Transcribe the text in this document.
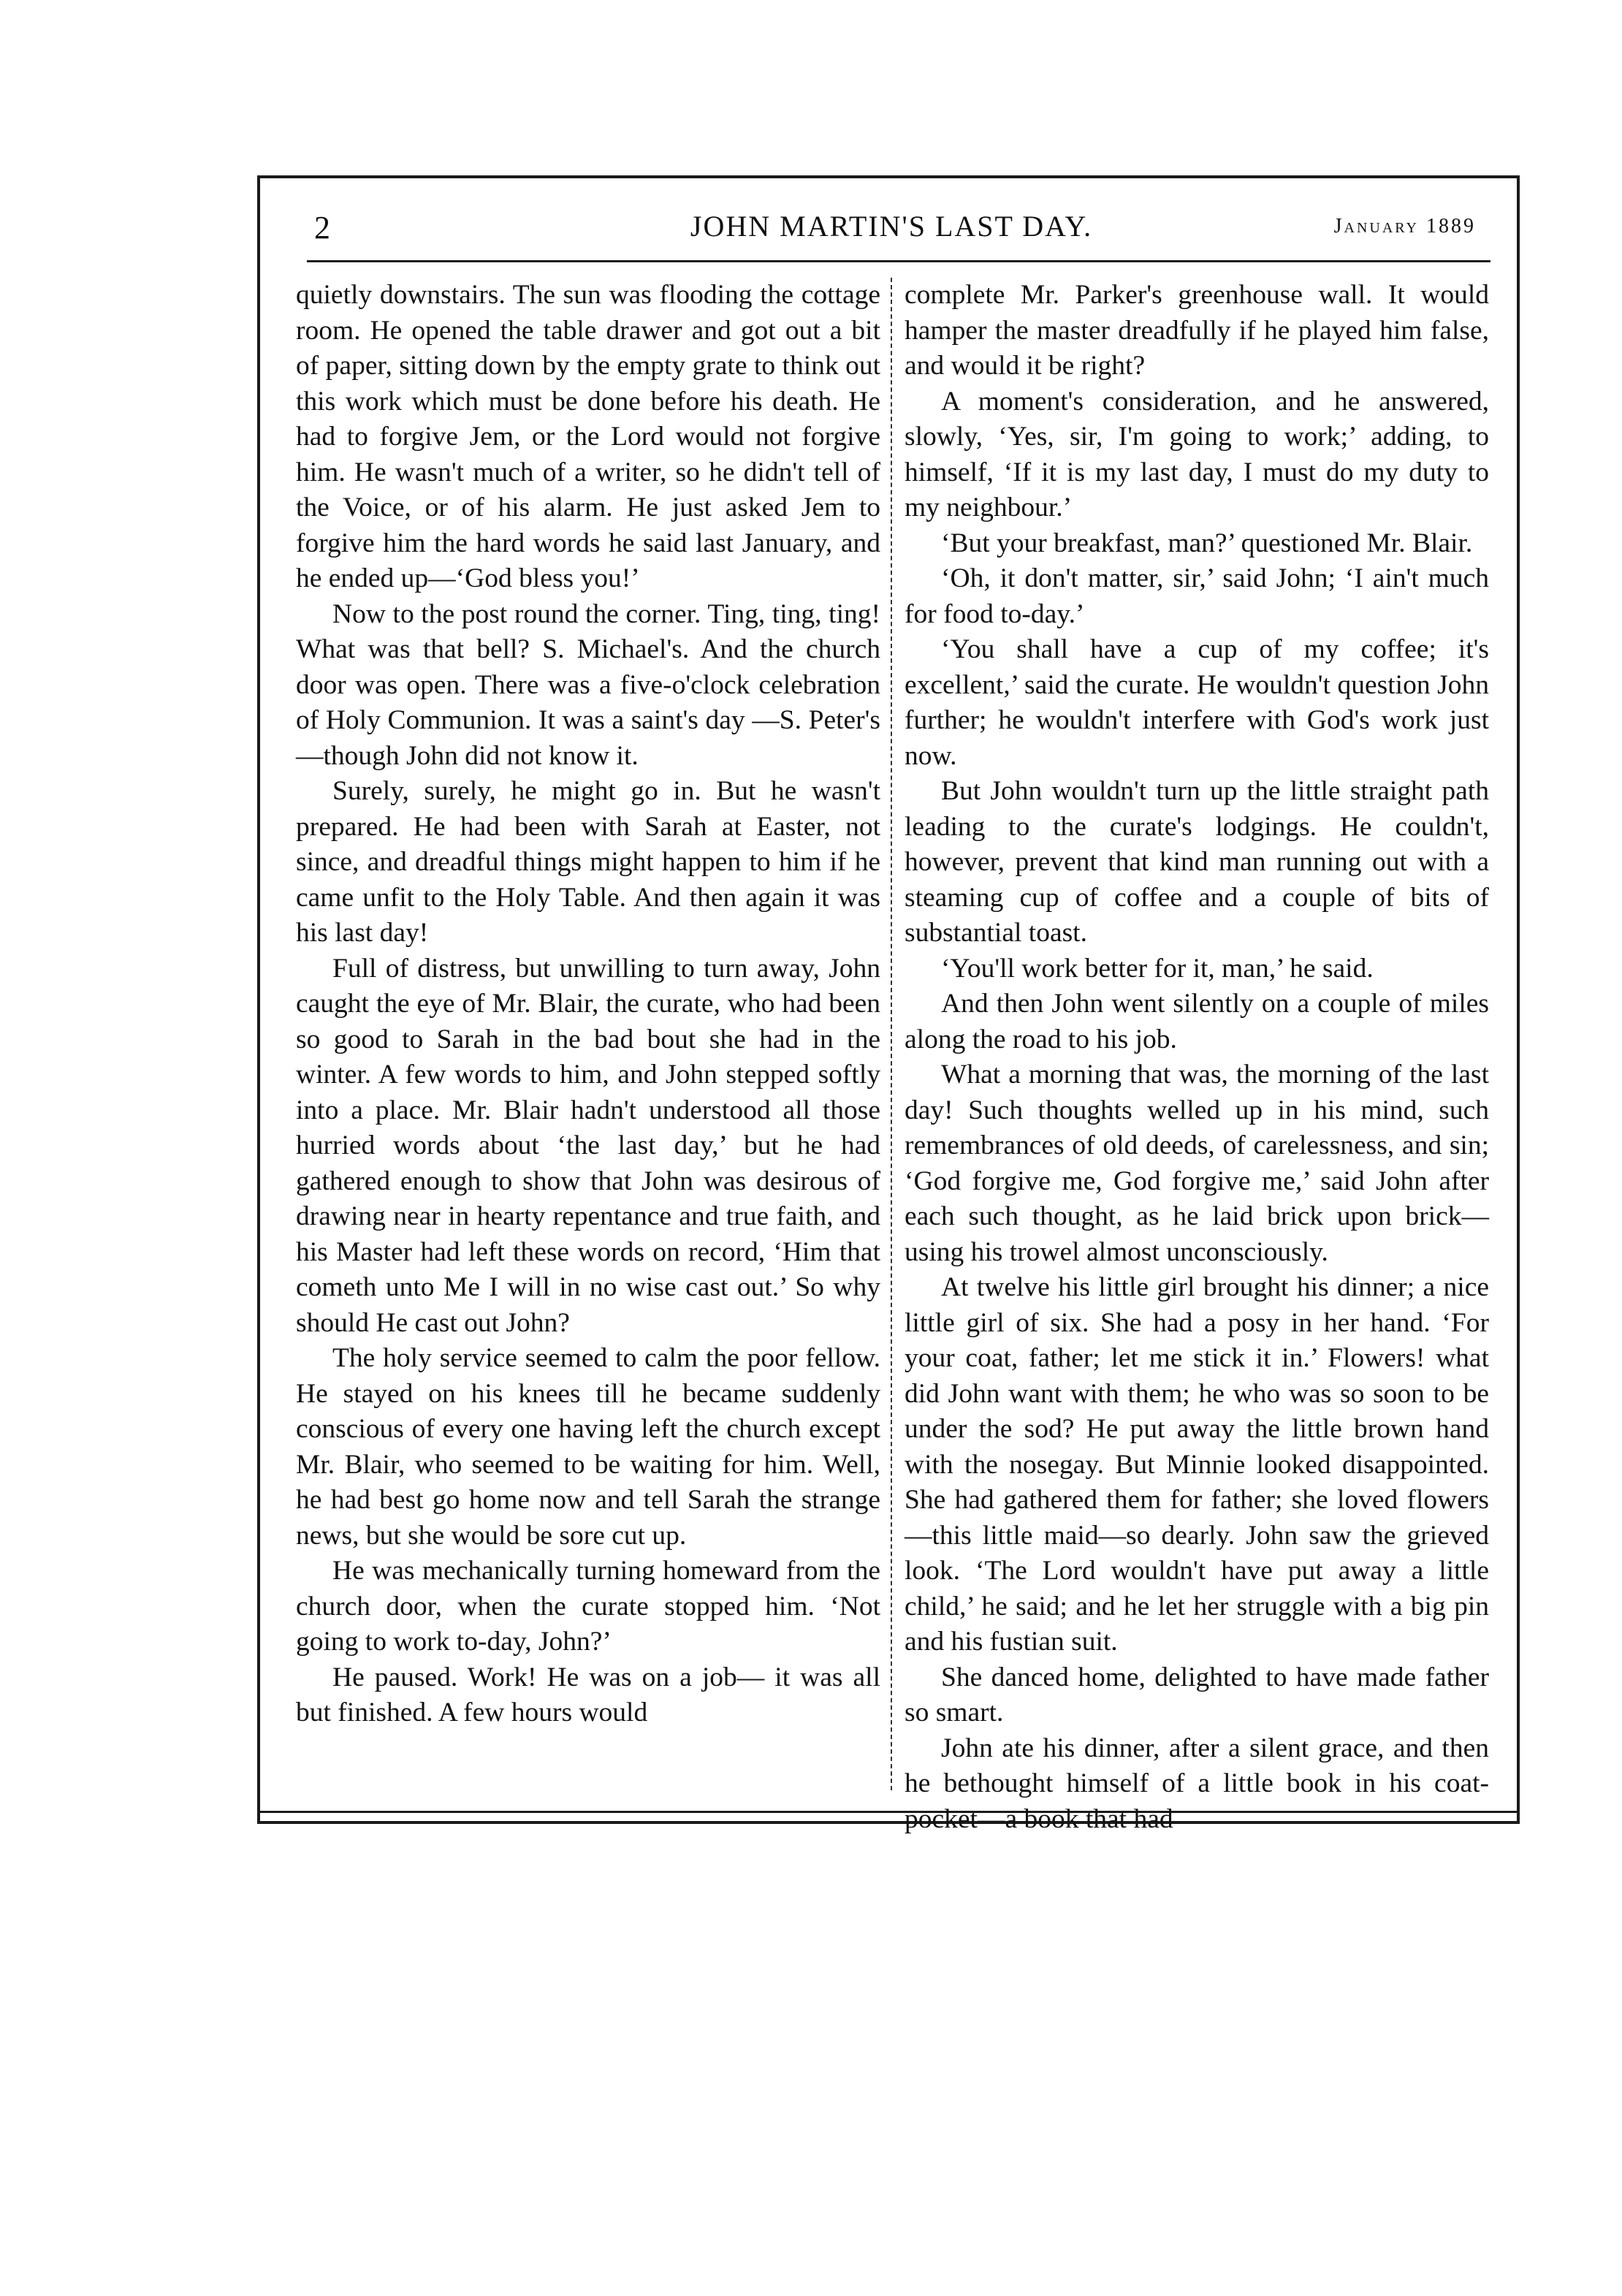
2	JOHN MARTIN'S LAST DAY.	January 1889

quietly downstairs. The sun was flooding the cottage room. He opened the table drawer and got out a bit of paper, sitting down by the empty grate to think out this work which must be done before his death. He had to forgive Jem, or the Lord would not forgive him. He wasn't much of a writer, so he didn't tell of the Voice, or of his alarm. He just asked Jem to forgive him the hard words he said last January, and he ended up—‘God bless you!’

Now to the post round the corner. Ting, ting, ting! What was that bell? S. Michael's. And the church door was open. There was a five-o'clock celebration of Holy Communion. It was a saint's day —S. Peter's—though John did not know it.

Surely, surely, he might go in. But he wasn't prepared. He had been with Sarah at Easter, not since, and dreadful things might happen to him if he came unfit to the Holy Table. And then again it was his last day!

Full of distress, but unwilling to turn away, John caught the eye of Mr. Blair, the curate, who had been so good to Sarah in the bad bout she had in the winter. A few words to him, and John stepped softly into a place. Mr. Blair hadn't understood all those hurried words about ‘the last day,’ but he had gathered enough to show that John was desirous of drawing near in hearty repentance and true faith, and his Master had left these words on record, ‘Him that cometh unto Me I will in no wise cast out.’ So why should He cast out John?

The holy service seemed to calm the poor fellow. He stayed on his knees till he became suddenly conscious of every one having left the church except Mr. Blair, who seemed to be waiting for him. Well, he had best go home now and tell Sarah the strange news, but she would be sore cut up.

He was mechanically turning homeward from the church door, when the curate stopped him. ‘Not going to work to-day, John?’

He paused. Work! He was on a job— it was all but finished. A few hours would

complete Mr. Parker's greenhouse wall. It would hamper the master dreadfully if he played him false, and would it be right?

A moment's consideration, and he answered, slowly, ‘Yes, sir, I'm going to work;’ adding, to himself, ‘If it is my last day, I must do my duty to my neighbour.’

‘But your breakfast, man?’ questioned Mr. Blair.

‘Oh, it don't matter, sir,’ said John; ‘I ain't much for food to-day.’

‘You shall have a cup of my coffee; it's excellent,’ said the curate. He wouldn't question John further; he wouldn't interfere with God's work just now.

But John wouldn't turn up the little straight path leading to the curate's lodgings. He couldn't, however, prevent that kind man running out with a steaming cup of coffee and a couple of bits of substantial toast.

‘You'll work better for it, man,’ he said.

And then John went silently on a couple of miles along the road to his job.

What a morning that was, the morning of the last day! Such thoughts welled up in his mind, such remembrances of old deeds, of carelessness, and sin; ‘God forgive me, God forgive me,’ said John after each such thought, as he laid brick upon brick—using his trowel almost unconsciously.

At twelve his little girl brought his dinner; a nice little girl of six. She had a posy in her hand. ‘For your coat, father; let me stick it in.’ Flowers! what did John want with them; he who was so soon to be under the sod? He put away the little brown hand with the nosegay. But Minnie looked disappointed. She had gathered them for father; she loved flowers —this little maid—so dearly. John saw the grieved look. ‘The Lord wouldn't have put away a little child,’ he said; and he let her struggle with a big pin and his fustian suit.

She danced home, delighted to have made father so smart.

John ate his dinner, after a silent grace, and then he bethought himself of a little book in his coat-pocket—a book that had
